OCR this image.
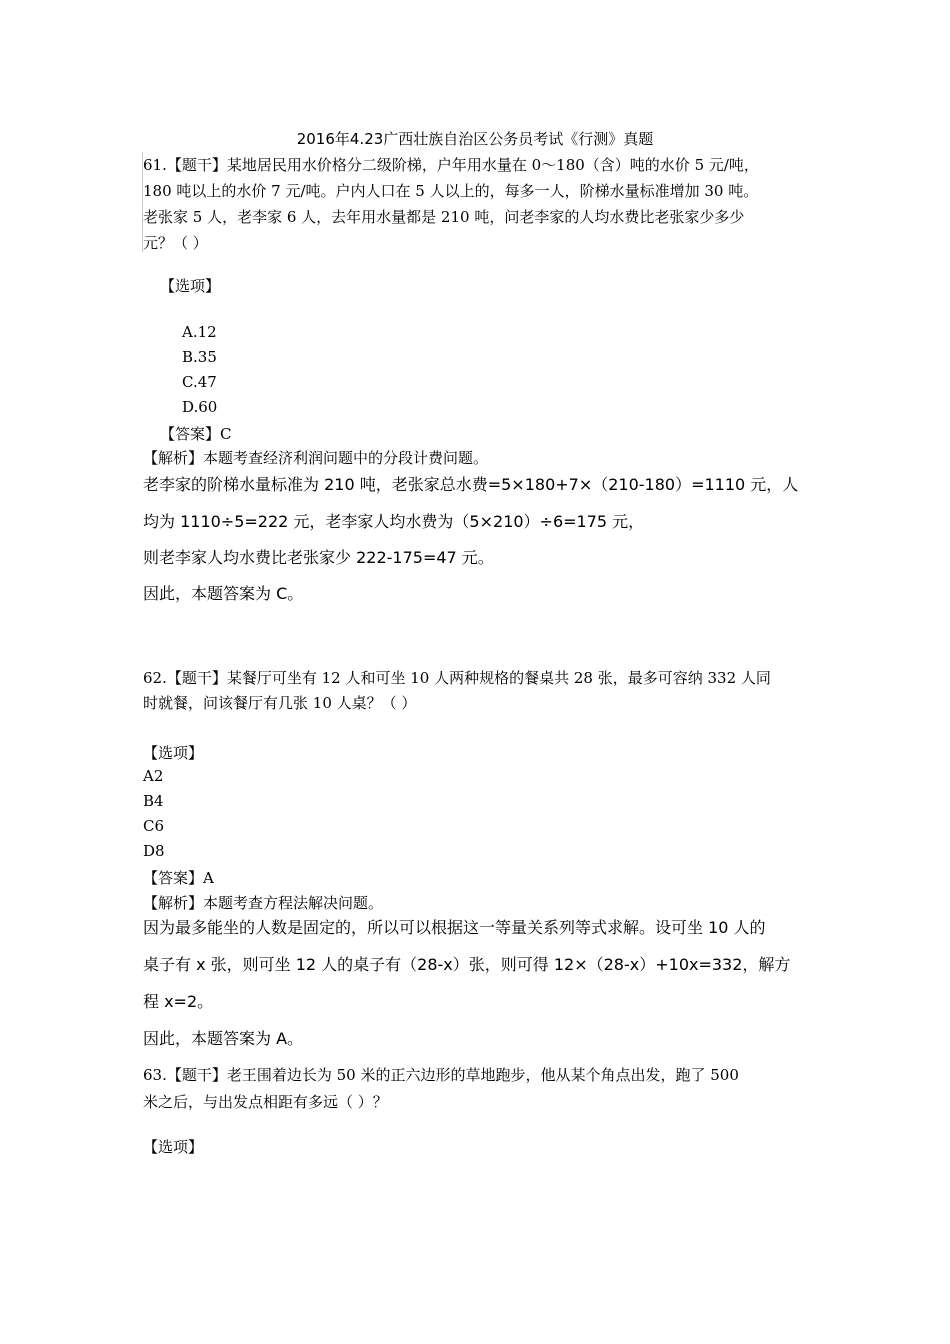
2016年4.23广西壮族自治区公务员考试《行测》真题
61.【题干】某地居民用水价格分二级阶梯，户年用水量在 0～180（含）吨的水价 5 元/吨，
180 吨以上的水价 7 元/吨。户内人口在 5 人以上的，每多一人，阶梯水量标准增加 30 吨。
老张家 5 人，老李家 6 人，去年用水量都是 210 吨，问老李家的人均水费比老张家少多少
元？（ ）
【选项】
A.12
B.35
C.47
D.60
【答案】C
【解析】本题考查经济利润问题中的分段计费问题。
老李家的阶梯水量标准为 210 吨，老张家总水费=5×180+7×（210-180）=1110 元，人
均为 1110÷5=222 元，老李家人均水费为（5×210）÷6=175 元，
则老李家人均水费比老张家少 222-175=47 元。
因此，本题答案为 C。
62.【题干】某餐厅可坐有 12 人和可坐 10 人两种规格的餐桌共 28 张，最多可容纳 332 人同
时就餐，问该餐厅有几张 10 人桌？（ ）
【选项】
A2
B4
C6
D8
【答案】A
【解析】本题考查方程法解决问题。
因为最多能坐的人数是固定的，所以可以根据这一等量关系列等式求解。设可坐 10 人的
桌子有 x 张，则可坐 12 人的桌子有（28-x）张，则可得 12×（28-x）+10x=332，解方
程 x=2。
因此，本题答案为 A。
63.【题干】老王围着边长为 50 米的正六边形的草地跑步，他从某个角点出发，跑了 500
米之后，与出发点相距有多远（ ）？
【选项】
